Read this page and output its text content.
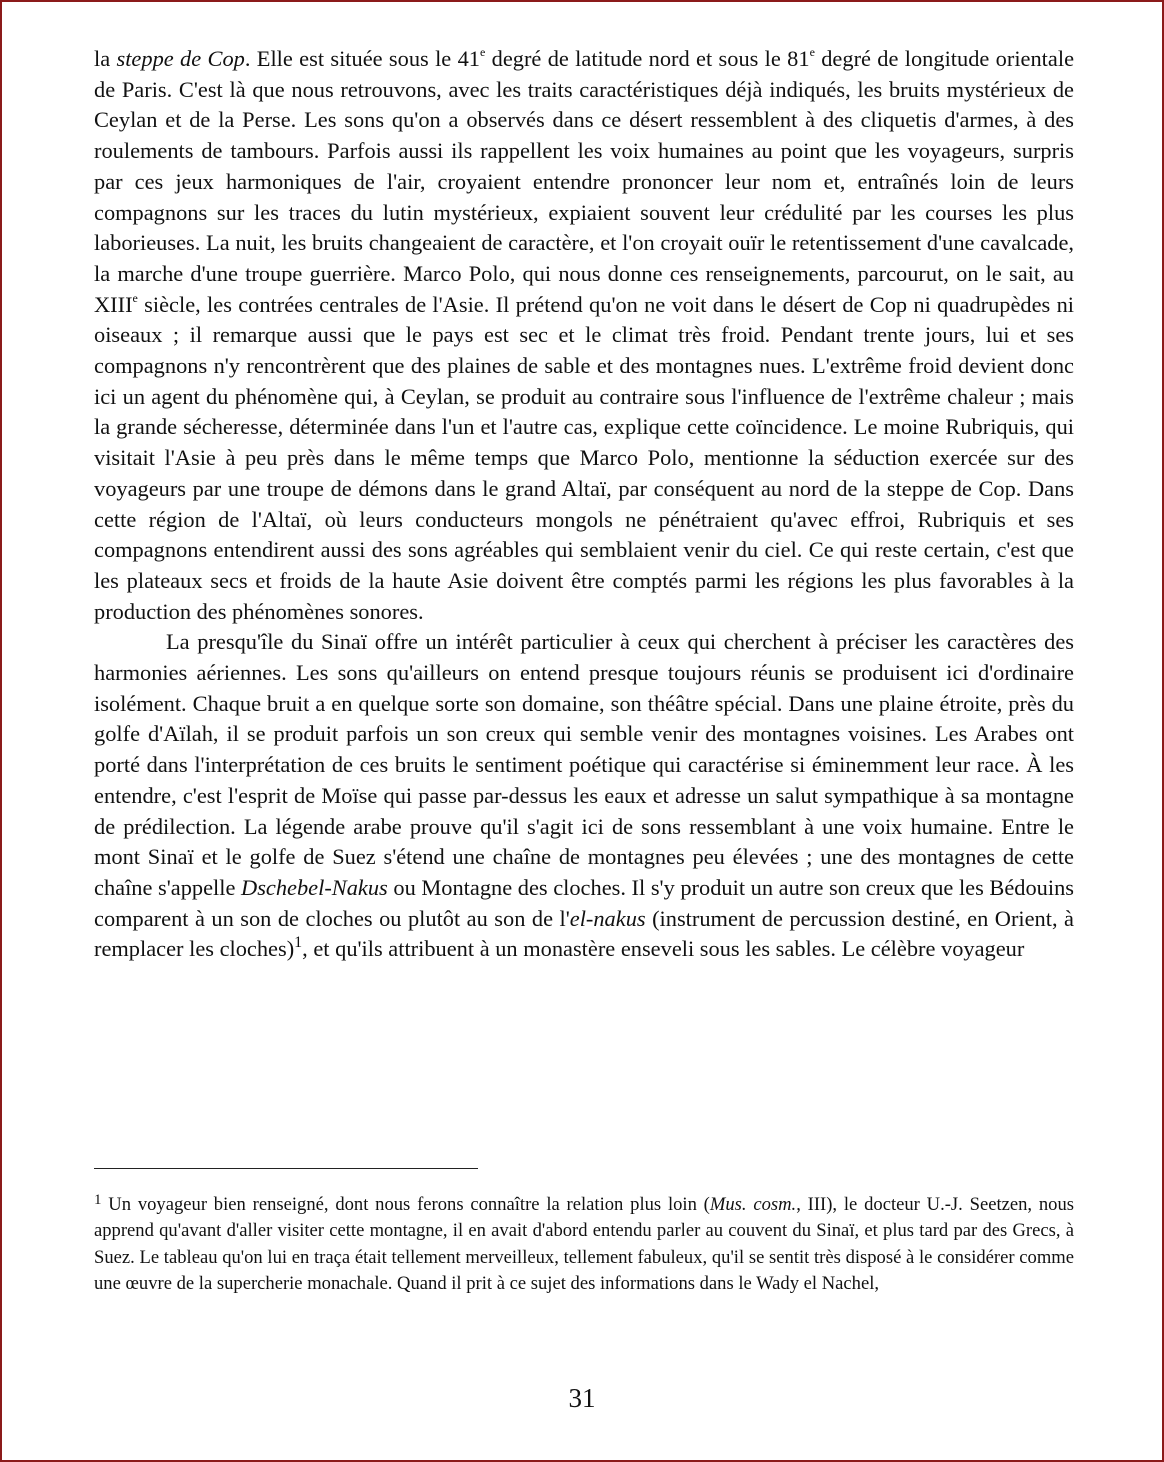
la steppe de Cop. Elle est située sous le 41e degré de latitude nord et sous le 81e degré de longitude orientale de Paris. C'est là que nous retrouvons, avec les traits caractéristiques déjà indiqués, les bruits mystérieux de Ceylan et de la Perse. Les sons qu'on a observés dans ce désert ressemblent à des cliquetis d'armes, à des roulements de tambours. Parfois aussi ils rappellent les voix humaines au point que les voyageurs, surpris par ces jeux harmoniques de l'air, croyaient entendre prononcer leur nom et, entraînés loin de leurs compagnons sur les traces du lutin mystérieux, expiaient souvent leur crédulité par les courses les plus laborieuses. La nuit, les bruits changeaient de caractère, et l'on croyait ouïr le retentissement d'une cavalcade, la marche d'une troupe guerrière. Marco Polo, qui nous donne ces renseignements, parcourut, on le sait, au XIIIe siècle, les contrées centrales de l'Asie. Il prétend qu'on ne voit dans le désert de Cop ni quadrupèdes ni oiseaux ; il remarque aussi que le pays est sec et le climat très froid. Pendant trente jours, lui et ses compagnons n'y rencontrèrent que des plaines de sable et des montagnes nues. L'extrême froid devient donc ici un agent du phénomène qui, à Ceylan, se produit au contraire sous l'influence de l'extrême chaleur ; mais la grande sécheresse, déterminée dans l'un et l'autre cas, explique cette coïncidence. Le moine Rubriquis, qui visitait l'Asie à peu près dans le même temps que Marco Polo, mentionne la séduction exercée sur des voyageurs par une troupe de démons dans le grand Altaï, par conséquent au nord de la steppe de Cop. Dans cette région de l'Altaï, où leurs conducteurs mongols ne pénétraient qu'avec effroi, Rubriquis et ses compagnons entendirent aussi des sons agréables qui semblaient venir du ciel. Ce qui reste certain, c'est que les plateaux secs et froids de la haute Asie doivent être comptés parmi les régions les plus favorables à la production des phénomènes sonores.

La presqu'île du Sinaï offre un intérêt particulier à ceux qui cherchent à préciser les caractères des harmonies aériennes. Les sons qu'ailleurs on entend presque toujours réunis se produisent ici d'ordinaire isolément. Chaque bruit a en quelque sorte son domaine, son théâtre spécial. Dans une plaine étroite, près du golfe d'Aïlah, il se produit parfois un son creux qui semble venir des montagnes voisines. Les Arabes ont porté dans l'interprétation de ces bruits le sentiment poétique qui caractérise si éminemment leur race. À les entendre, c'est l'esprit de Moïse qui passe par-dessus les eaux et adresse un salut sympathique à sa montagne de prédilection. La légende arabe prouve qu'il s'agit ici de sons ressemblant à une voix humaine. Entre le mont Sinaï et le golfe de Suez s'étend une chaîne de montagnes peu élevées ; une des montagnes de cette chaîne s'appelle Dschebel-Nakus ou Montagne des cloches. Il s'y produit un autre son creux que les Bédouins comparent à un son de cloches ou plutôt au son de l'el-nakus (instrument de percussion destiné, en Orient, à remplacer les cloches)$^1$, et qu'ils attribuent à un monastère enseveli sous les sables. Le célèbre voyageur

$^1$ Un voyageur bien renseigné, dont nous ferons connaître la relation plus loin (Mus. cosm., III), le docteur U.-J. Seetzen, nous apprend qu'avant d'aller visiter cette montagne, il en avait d'abord entendu parler au couvent du Sinaï, et plus tard par des Grecs, à Suez. Le tableau qu'on lui en traça était tellement merveilleux, tellement fabuleux, qu'il se sentit très disposé à le considérer comme une œuvre de la supercherie monachale. Quand il prit à ce sujet des informations dans le Wady el Nachel,

31
